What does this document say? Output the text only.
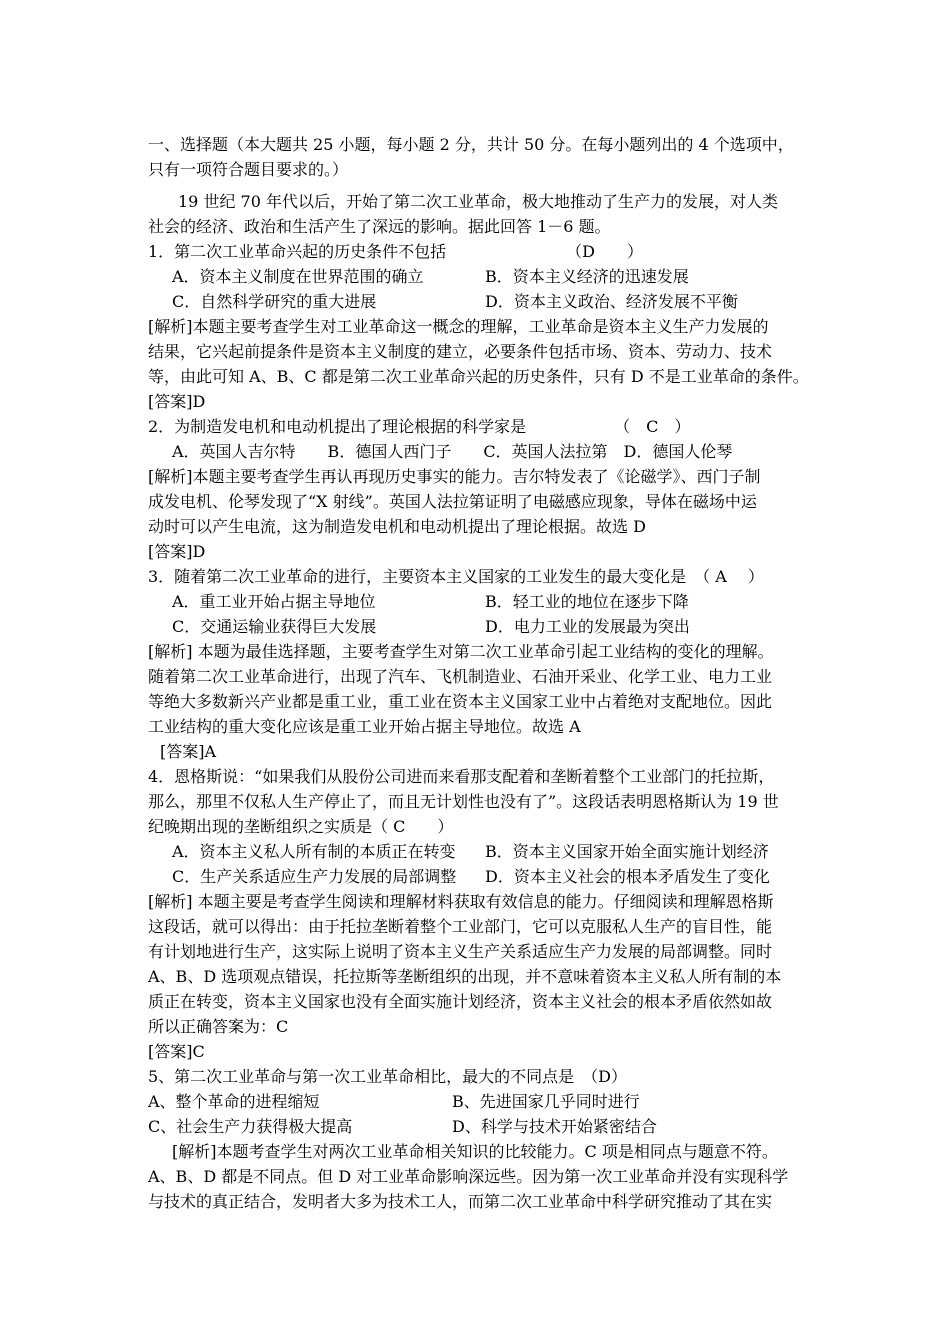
一、选择题（本大题共 25 小题，每小题 2 分，共计 50 分。在每小题列出的 4 个选项中，
只有一项符合题目要求的。）
19 世纪 70 年代以后，开始了第二次工业革命，极大地推动了生产力的发展，对人类
社会的经济、政治和生活产生了深远的影响。据此回答 1－6 题。
1．第二次工业革命兴起的历史条件不包括　　　　　　　　（D　　）
A．资本主义制度在世界范围的确立	B．资本主义经济的迅速发展
C．自然科学研究的重大进展	D．资本主义政治、经济发展不平衡
[解析]本题主要考查学生对工业革命这一概念的理解，工业革命是资本主义生产力发展的
结果，它兴起前提条件是资本主义制度的建立，必要条件包括市场、资本、劳动力、技术
等，由此可知 A、B、C 都是第二次工业革命兴起的历史条件，只有 D 不是工业革命的条件。
[答案]D
2．为制造发电机和电动机提出了理论根据的科学家是　　　　　　（　C　）
A．英国人吉尔特　　B．德国人西门子　　C．英国人法拉第　D．德国人伦琴
[解析]本题主要考查学生再认再现历史事实的能力。吉尔特发表了《论磁学》、西门子制
成发电机、伦琴发现了“X 射线”。英国人法拉第证明了电磁感应现象，导体在磁场中运
动时可以产生电流，这为制造发电机和电动机提出了理论根据。故选 D
[答案]D
3．随着第二次工业革命的进行，主要资本主义国家的工业发生的最大变化是　（ A　 ）
A．重工业开始占据主导地位	B．轻工业的地位在逐步下降
C．交通运输业获得巨大发展	D．电力工业的发展最为突出
[解析] 本题为最佳选择题，主要考查学生对第二次工业革命引起工业结构的变化的理解。
随着第二次工业革命进行，出现了汽车、飞机制造业、石油开采业、化学工业、电力工业
等绝大多数新兴产业都是重工业，重工业在资本主义国家工业中占着绝对支配地位。因此
工业结构的重大变化应该是重工业开始占据主导地位。故选 A
[答案]A
4．恩格斯说：“如果我们从股份公司进而来看那支配着和垄断着整个工业部门的托拉斯，
那么，那里不仅私人生产停止了，而且无计划性也没有了”。这段话表明恩格斯认为 19 世
纪晚期出现的垄断组织之实质是（ C　　）
A．资本主义私人所有制的本质正在转变 B．资本主义国家开始全面实施计划经济
C．生产关系适应生产力发展的局部调整 D．资本主义社会的根本矛盾发生了变化
[解析] 本题主要是考查学生阅读和理解材料获取有效信息的能力。仔细阅读和理解恩格斯
这段话，就可以得出：由于托拉垄断着整个工业部门，它可以克服私人生产的盲目性，能
有计划地进行生产，这实际上说明了资本主义生产关系适应生产力发展的局部调整。同时
A、B、D 选项观点错误，托拉斯等垄断组织的出现，并不意味着资本主义私人所有制的本
质正在转变，资本主义国家也没有全面实施计划经济，资本主义社会的根本矛盾依然如故
所以正确答案为：C
[答案]C
5、第二次工业革命与第一次工业革命相比，最大的不同点是　（D）
A、整个革命的进程缩短	B、先进国家几乎同时进行
C、社会生产力获得极大提高	D、科学与技术开始紧密结合
[解析]本题考查学生对两次工业革命相关知识的比较能力。C 项是相同点与题意不符。
A、B、D 都是不同点。但 D 对工业革命影响深远些。因为第一次工业革命并没有实现科学
与技术的真正结合，发明者大多为技术工人，而第二次工业革命中科学研究推动了其在实
